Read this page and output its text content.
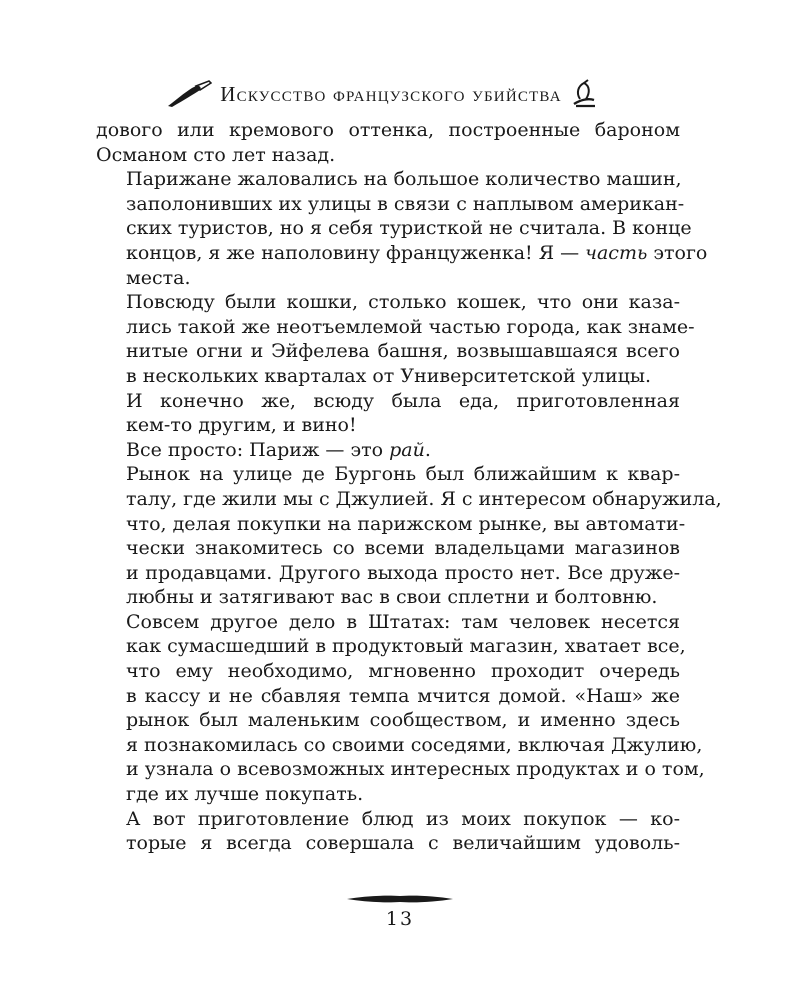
Искусство французского убийства

дового или кремового оттенка, построенные бароном
Османом сто лет назад.

Парижане жаловались на большое количество машин,
заполонивших их улицы в связи с наплывом американ-
ских туристов, но я себя туристкой не считала. В конце
концов, я же наполовину француженка! Я — часть этого
места.

Повсюду были кошки, столько кошек, что они каза-
лись такой же неотъемлемой частью города, как знаме-
нитые огни и Эйфелева башня, возвышавшаяся всего
в нескольких кварталах от Университетской улицы.

И конечно же, всюду была еда, приготовленная
кем-то другим, и вино!

Все просто: Париж — это рай.

Рынок на улице де Бургонь был ближайшим к квар-
талу, где жили мы с Джулией. Я с интересом обнаружила,
что, делая покупки на парижском рынке, вы автомати-
чески знакомитесь со всеми владельцами магазинов
и продавцами. Другого выхода просто нет. Все друже-
любны и затягивают вас в свои сплетни и болтовню.

Совсем другое дело в Штатах: там человек несется
как сумасшедший в продуктовый магазин, хватает все,
что ему необходимо, мгновенно проходит очередь
в кассу и не сбавляя темпа мчится домой. «Наш» же
рынок был маленьким сообществом, и именно здесь
я познакомилась со своими соседями, включая Джулию,
и узнала о всевозможных интересных продуктах и о том,
где их лучше покупать.

А вот приготовление блюд из моих покупок — ко-
торые я всегда совершала с величайшим удоволь-

13
